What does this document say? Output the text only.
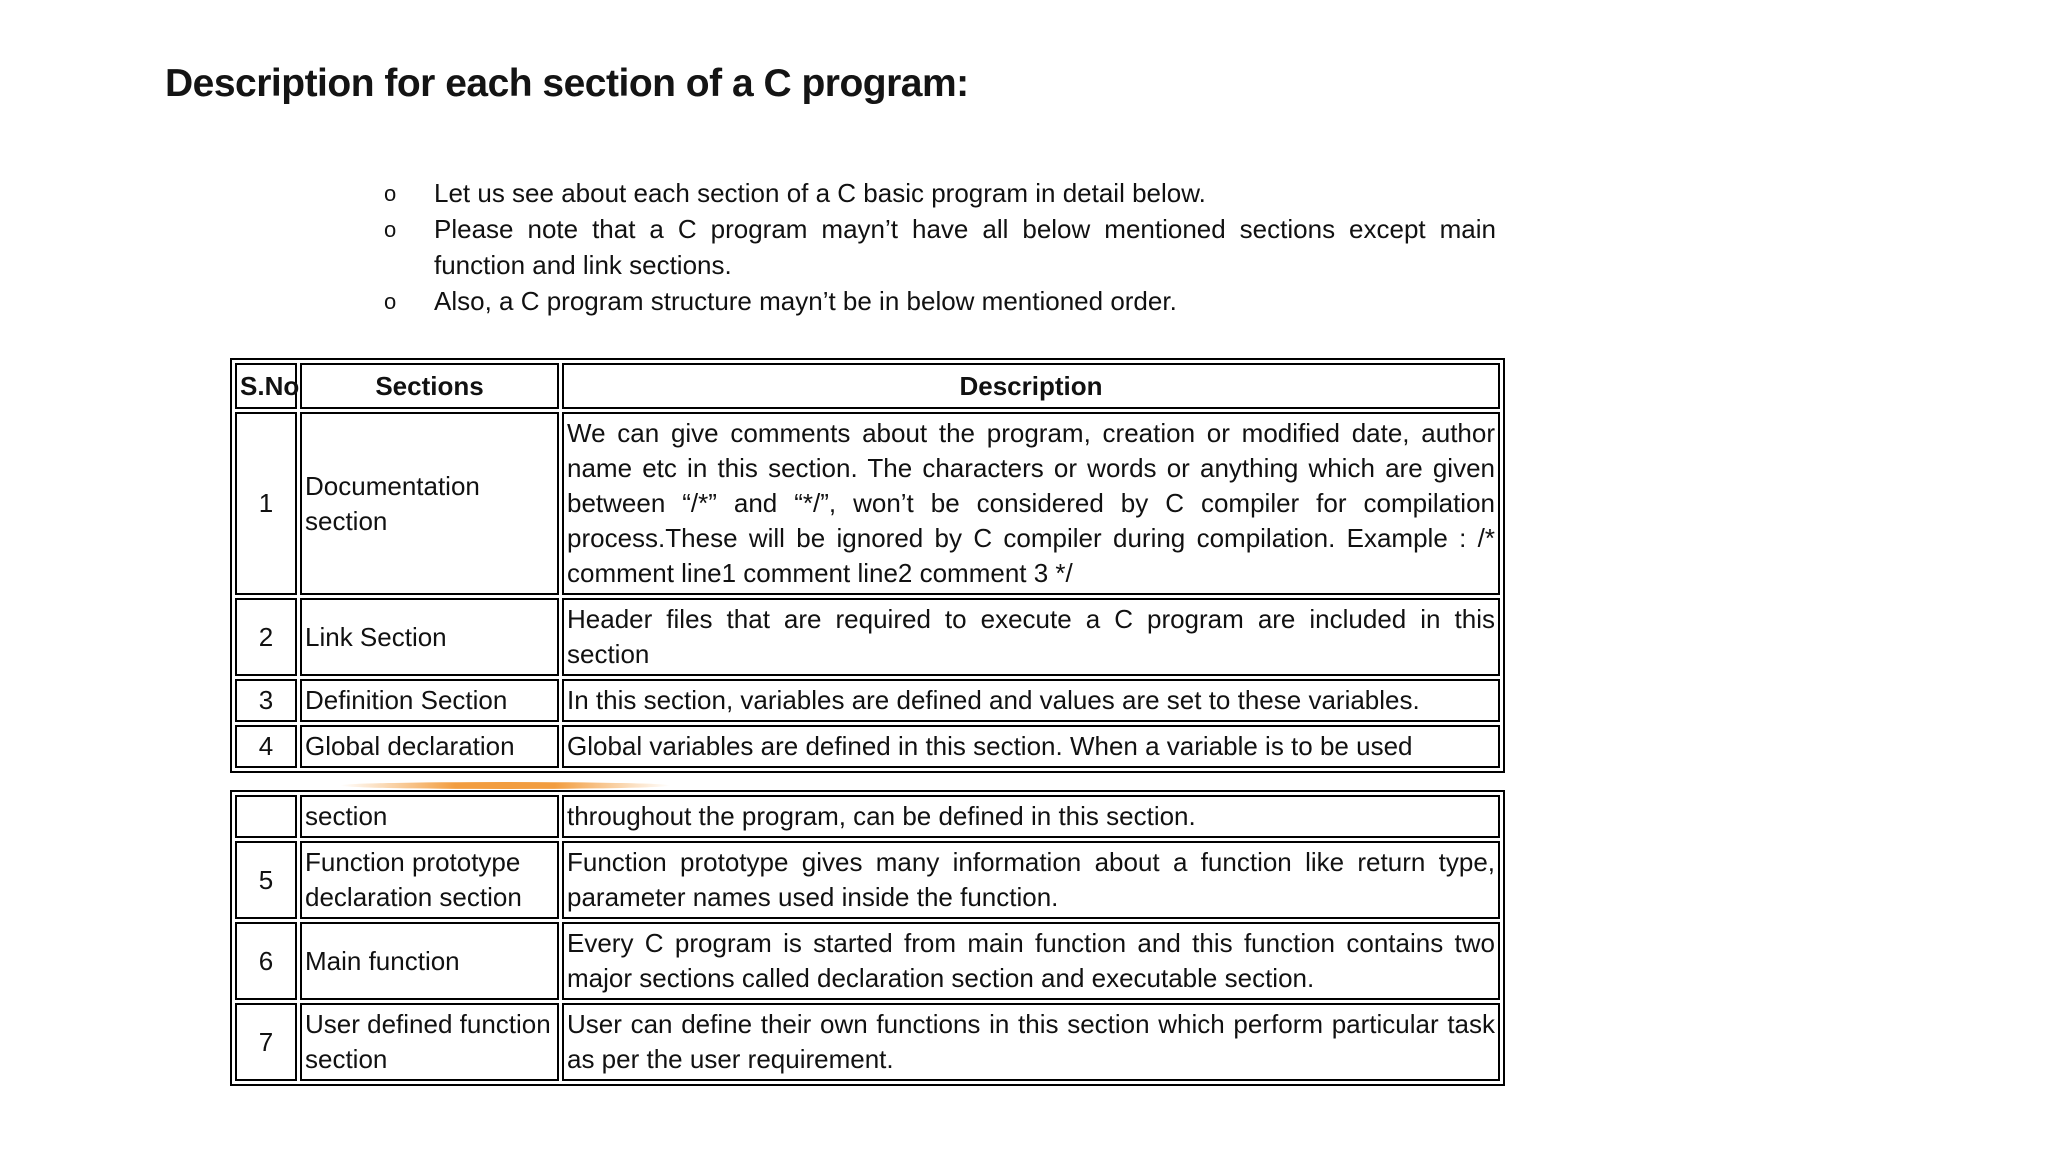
Description for each section of a C program:
o Let us see about each section of a C basic program in detail below.
o Please note that a C program mayn’t have all below mentioned sections except main function and link sections.
o Also, a C program structure mayn’t be in below mentioned order.
S.No	Sections	Description
1	Documentation section	We can give comments about the program, creation or modified date, author name etc in this section. The characters or words or anything which are given between “/*” and “*/”, won’t be considered by C compiler for compilation process.These will be ignored by C compiler during compilation. Example : /* comment line1 comment line2 comment 3 */
2	Link Section	Header files that are required to execute a C program are included in this section
3	Definition Section	In this section, variables are defined and values are set to these variables.
4	Global declaration	Global variables are defined in this section. When a variable is to be used
	section	throughout the program, can be defined in this section.
5	Function prototype declaration section	Function prototype gives many information about a function like return type, parameter names used inside the function.
6	Main function	Every C program is started from main function and this function contains two major sections called declaration section and executable section.
7	User defined function section	User can define their own functions in this section which perform particular task as per the user requirement.
